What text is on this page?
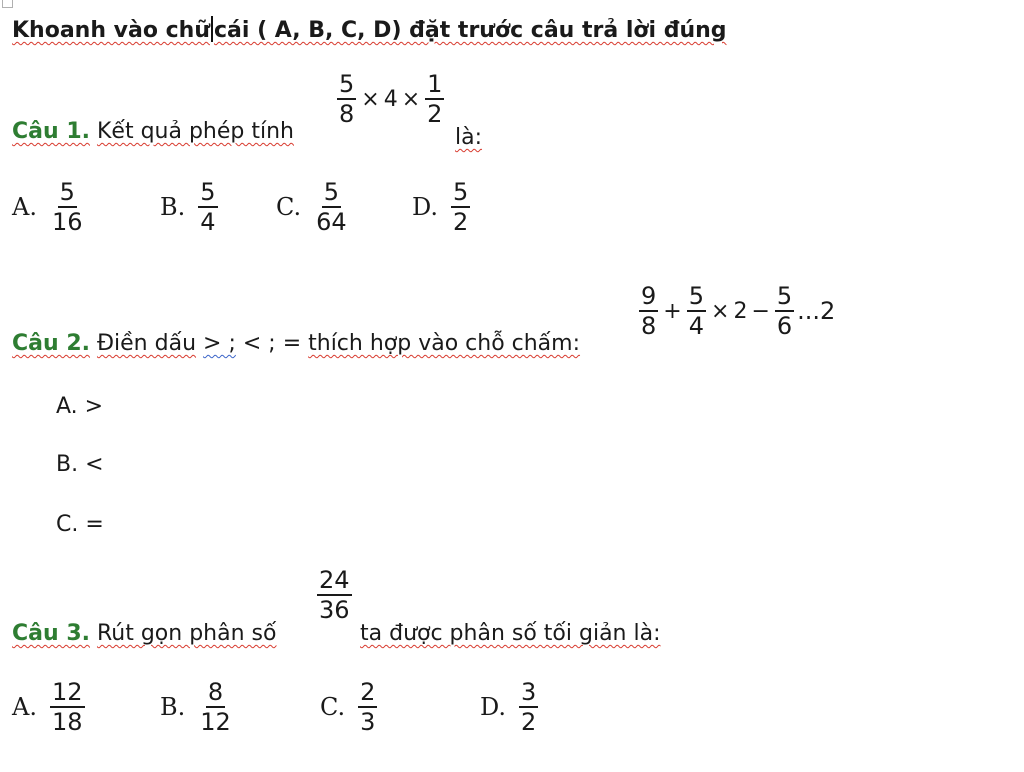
Khoanh vào chữ cái ( A, B, C, D) đặt trước câu trả lời đúng
Câu 1. Kết quả phép tính
$\frac{5}{8} \times 4 \times \frac{1}{2}$
là:
A. $\frac{5}{16}$	B. $\frac{5}{4} C$. $\frac{5}{64}$	D. $\frac{5}{2}$
Câu 2. Điền dấu > ; < ; = thích hợp vào chỗ chấm:
$\frac{9}{8} + \frac{5}{4} \times 2 - \frac{5}{6} ...2$
A. >
B. <
C. =
Câu 3. Rút gọn phân số
$\frac{24}{36}$
ta được phân số tối giản là:
A. $\frac{12}{18}$	B. $\frac{8}{12}$	C. $\frac{2}{3}$	D. $\frac{3}{2}$
